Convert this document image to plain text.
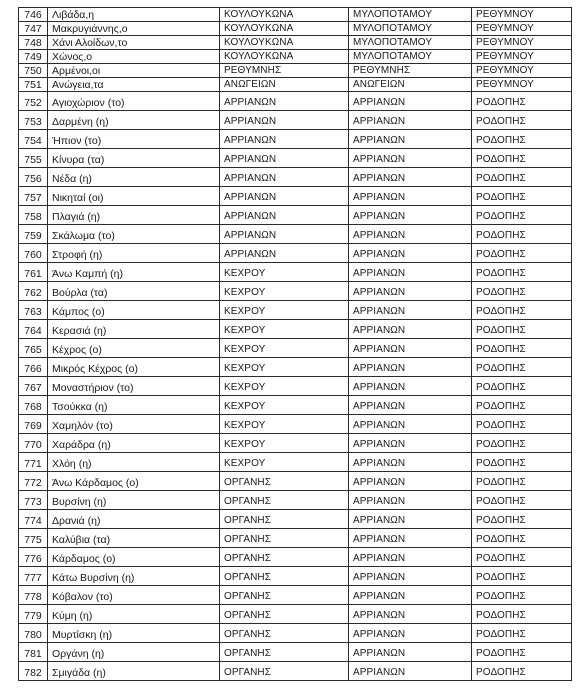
746	Λιβάδα,η	ΚΟΥΛΟΥΚΩΝΑ	ΜΥΛΟΠΟΤΑΜΟΥ	ΡΕΘΥΜΝΟΥ
747	Μακρυγιάννης,ο	ΚΟΥΛΟΥΚΩΝΑ	ΜΥΛΟΠΟΤΑΜΟΥ	ΡΕΘΥΜΝΟΥ
748	Χάνι Αλοίδων,το	ΚΟΥΛΟΥΚΩΝΑ	ΜΥΛΟΠΟΤΑΜΟΥ	ΡΕΘΥΜΝΟΥ
749	Χώνος,ο	ΚΟΥΛΟΥΚΩΝΑ	ΜΥΛΟΠΟΤΑΜΟΥ	ΡΕΘΥΜΝΟΥ
750	Αρμένοι,οι	ΡΕΘΥΜΝΗΣ	ΡΕΘΥΜΝΗΣ	ΡΕΘΥΜΝΟΥ
751	Ανώγεια,τα	ΑΝΩΓΕΙΩΝ	ΑΝΩΓΕΙΩΝ	ΡΕΘΥΜΝΟΥ
752	Αγιοχώριον (το)	ΑΡΡΙΑΝΩΝ	ΑΡΡΙΑΝΩΝ	ΡΟΔΟΠΗΣ
753	Δαρμένη (η)	ΑΡΡΙΑΝΩΝ	ΑΡΡΙΑΝΩΝ	ΡΟΔΟΠΗΣ
754	Ήπιον (το)	ΑΡΡΙΑΝΩΝ	ΑΡΡΙΑΝΩΝ	ΡΟΔΟΠΗΣ
755	Κίνυρα (τα)	ΑΡΡΙΑΝΩΝ	ΑΡΡΙΑΝΩΝ	ΡΟΔΟΠΗΣ
756	Νέδα (η)	ΑΡΡΙΑΝΩΝ	ΑΡΡΙΑΝΩΝ	ΡΟΔΟΠΗΣ
757	Νικηταί (οι)	ΑΡΡΙΑΝΩΝ	ΑΡΡΙΑΝΩΝ	ΡΟΔΟΠΗΣ
758	Πλαγιά (η)	ΑΡΡΙΑΝΩΝ	ΑΡΡΙΑΝΩΝ	ΡΟΔΟΠΗΣ
759	Σκάλωμα (το)	ΑΡΡΙΑΝΩΝ	ΑΡΡΙΑΝΩΝ	ΡΟΔΟΠΗΣ
760	Στροφή (η)	ΑΡΡΙΑΝΩΝ	ΑΡΡΙΑΝΩΝ	ΡΟΔΟΠΗΣ
761	Άνω Καμπή (η)	ΚΕΧΡΟΥ	ΑΡΡΙΑΝΩΝ	ΡΟΔΟΠΗΣ
762	Βούρλα (τα)	ΚΕΧΡΟΥ	ΑΡΡΙΑΝΩΝ	ΡΟΔΟΠΗΣ
763	Κάμπος (ο)	ΚΕΧΡΟΥ	ΑΡΡΙΑΝΩΝ	ΡΟΔΟΠΗΣ
764	Κερασιά (η)	ΚΕΧΡΟΥ	ΑΡΡΙΑΝΩΝ	ΡΟΔΟΠΗΣ
765	Κέχρος (ο)	ΚΕΧΡΟΥ	ΑΡΡΙΑΝΩΝ	ΡΟΔΟΠΗΣ
766	Μικρός Κέχρος (ο)	ΚΕΧΡΟΥ	ΑΡΡΙΑΝΩΝ	ΡΟΔΟΠΗΣ
767	Μοναστήριον (το)	ΚΕΧΡΟΥ	ΑΡΡΙΑΝΩΝ	ΡΟΔΟΠΗΣ
768	Τσούκκα (η)	ΚΕΧΡΟΥ	ΑΡΡΙΑΝΩΝ	ΡΟΔΟΠΗΣ
769	Χαμηλόν (το)	ΚΕΧΡΟΥ	ΑΡΡΙΑΝΩΝ	ΡΟΔΟΠΗΣ
770	Χαράδρα (η)	ΚΕΧΡΟΥ	ΑΡΡΙΑΝΩΝ	ΡΟΔΟΠΗΣ
771	Χλόη (η)	ΚΕΧΡΟΥ	ΑΡΡΙΑΝΩΝ	ΡΟΔΟΠΗΣ
772	Άνω Κάρδαμος (ο)	ΟΡΓΑΝΗΣ	ΑΡΡΙΑΝΩΝ	ΡΟΔΟΠΗΣ
773	Βυρσίνη (η)	ΟΡΓΑΝΗΣ	ΑΡΡΙΑΝΩΝ	ΡΟΔΟΠΗΣ
774	Δρανιά (η)	ΟΡΓΑΝΗΣ	ΑΡΡΙΑΝΩΝ	ΡΟΔΟΠΗΣ
775	Καλύβια (τα)	ΟΡΓΑΝΗΣ	ΑΡΡΙΑΝΩΝ	ΡΟΔΟΠΗΣ
776	Κάρδαμος (ο)	ΟΡΓΑΝΗΣ	ΑΡΡΙΑΝΩΝ	ΡΟΔΟΠΗΣ
777	Κάτω Βυρσίνη (η)	ΟΡΓΑΝΗΣ	ΑΡΡΙΑΝΩΝ	ΡΟΔΟΠΗΣ
778	Κόβαλον (το)	ΟΡΓΑΝΗΣ	ΑΡΡΙΑΝΩΝ	ΡΟΔΟΠΗΣ
779	Κύμη (η)	ΟΡΓΑΝΗΣ	ΑΡΡΙΑΝΩΝ	ΡΟΔΟΠΗΣ
780	Μυρτίσκη (η)	ΟΡΓΑΝΗΣ	ΑΡΡΙΑΝΩΝ	ΡΟΔΟΠΗΣ
781	Οργάνη (η)	ΟΡΓΑΝΗΣ	ΑΡΡΙΑΝΩΝ	ΡΟΔΟΠΗΣ
782	Σμιγάδα (η)	ΟΡΓΑΝΗΣ	ΑΡΡΙΑΝΩΝ	ΡΟΔΟΠΗΣ
